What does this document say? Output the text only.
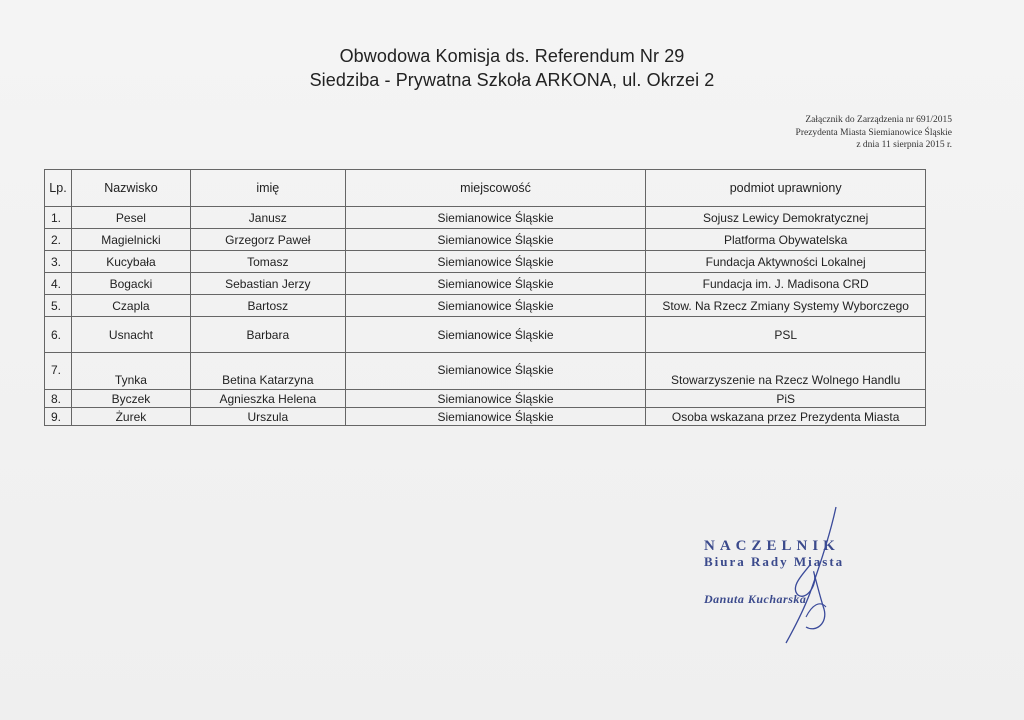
Obwodowa Komisja ds. Referendum Nr 29
Siedziba - Prywatna Szkoła ARKONA, ul. Okrzei 2
Załącznik do Zarządzenia nr 691/2015
Prezydenta Miasta Siemianowice Śląskie
z dnia 11 sierpnia 2015 r.
Lp.	Nazwisko	imię	miejscowość	podmiot uprawniony
1.	Pesel	Janusz	Siemianowice Śląskie	Sojusz Lewicy Demokratycznej
2.	Magielnicki	Grzegorz Paweł	Siemianowice Śląskie	Platforma Obywatelska
3.	Kucybała	Tomasz	Siemianowice Śląskie	Fundacja Aktywności Lokalnej
4.	Bogacki	Sebastian Jerzy	Siemianowice Śląskie	Fundacja im. J. Madisona CRD
5.	Czapla	Bartosz	Siemianowice Śląskie	Stow. Na Rzecz Zmiany Systemy Wyborczego
6.	Usnacht	Barbara	Siemianowice Śląskie	PSL
7.	Tynka	Betina Katarzyna	Siemianowice Śląskie	Stowarzyszenie na Rzecz Wolnego Handlu
8.	Byczek	Agnieszka Helena	Siemianowice Śląskie	PiS
9.	Żurek	Urszula	Siemianowice Śląskie	Osoba wskazana przez Prezydenta Miasta
NACZELNIK
Biura Rady Miasta
Danuta Kucharska
